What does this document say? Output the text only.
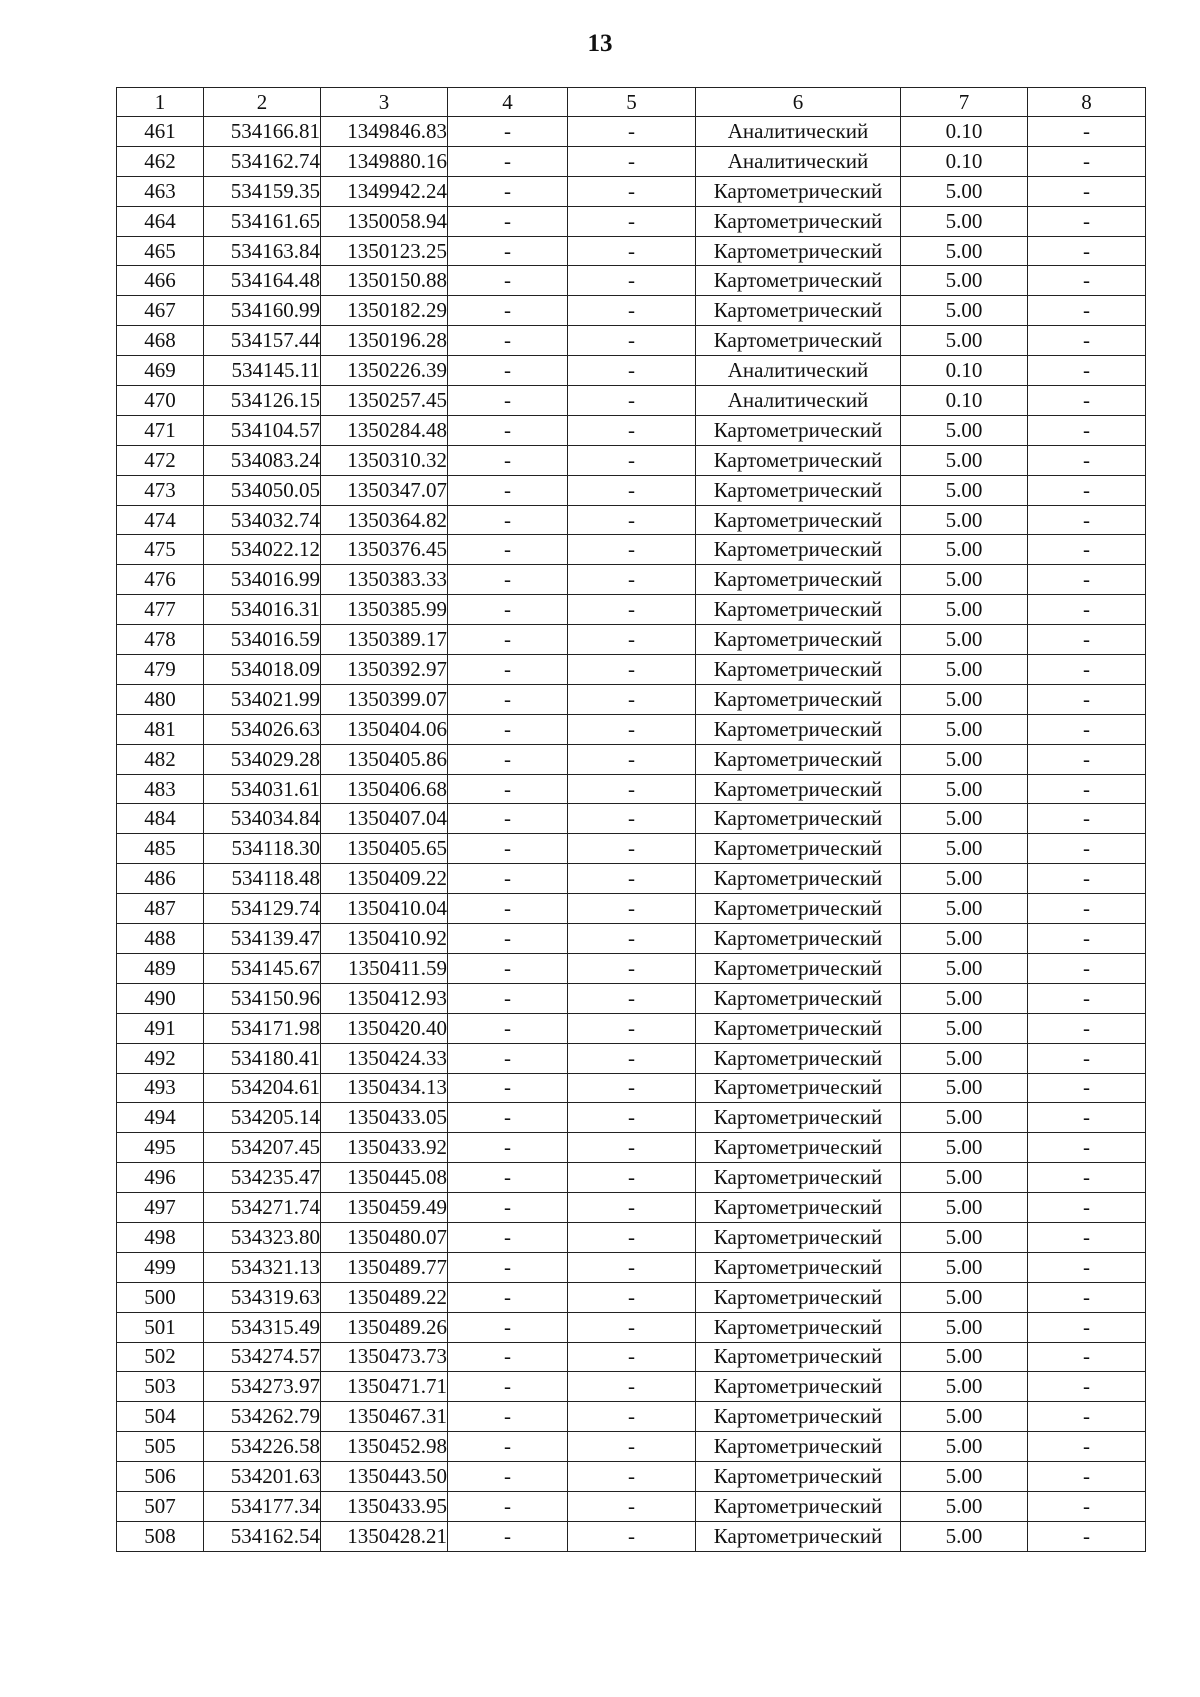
13
1	2	3	4	5	6	7	8
461	534166.81	1349846.83	-	-	Аналитический	0.10	-
462	534162.74	1349880.16	-	-	Аналитический	0.10	-
463	534159.35	1349942.24	-	-	Картометрический	5.00	-
464	534161.65	1350058.94	-	-	Картометрический	5.00	-
465	534163.84	1350123.25	-	-	Картометрический	5.00	-
466	534164.48	1350150.88	-	-	Картометрический	5.00	-
467	534160.99	1350182.29	-	-	Картометрический	5.00	-
468	534157.44	1350196.28	-	-	Картометрический	5.00	-
469	534145.11	1350226.39	-	-	Аналитический	0.10	-
470	534126.15	1350257.45	-	-	Аналитический	0.10	-
471	534104.57	1350284.48	-	-	Картометрический	5.00	-
472	534083.24	1350310.32	-	-	Картометрический	5.00	-
473	534050.05	1350347.07	-	-	Картометрический	5.00	-
474	534032.74	1350364.82	-	-	Картометрический	5.00	-
475	534022.12	1350376.45	-	-	Картометрический	5.00	-
476	534016.99	1350383.33	-	-	Картометрический	5.00	-
477	534016.31	1350385.99	-	-	Картометрический	5.00	-
478	534016.59	1350389.17	-	-	Картометрический	5.00	-
479	534018.09	1350392.97	-	-	Картометрический	5.00	-
480	534021.99	1350399.07	-	-	Картометрический	5.00	-
481	534026.63	1350404.06	-	-	Картометрический	5.00	-
482	534029.28	1350405.86	-	-	Картометрический	5.00	-
483	534031.61	1350406.68	-	-	Картометрический	5.00	-
484	534034.84	1350407.04	-	-	Картометрический	5.00	-
485	534118.30	1350405.65	-	-	Картометрический	5.00	-
486	534118.48	1350409.22	-	-	Картометрический	5.00	-
487	534129.74	1350410.04	-	-	Картометрический	5.00	-
488	534139.47	1350410.92	-	-	Картометрический	5.00	-
489	534145.67	1350411.59	-	-	Картометрический	5.00	-
490	534150.96	1350412.93	-	-	Картометрический	5.00	-
491	534171.98	1350420.40	-	-	Картометрический	5.00	-
492	534180.41	1350424.33	-	-	Картометрический	5.00	-
493	534204.61	1350434.13	-	-	Картометрический	5.00	-
494	534205.14	1350433.05	-	-	Картометрический	5.00	-
495	534207.45	1350433.92	-	-	Картометрический	5.00	-
496	534235.47	1350445.08	-	-	Картометрический	5.00	-
497	534271.74	1350459.49	-	-	Картометрический	5.00	-
498	534323.80	1350480.07	-	-	Картометрический	5.00	-
499	534321.13	1350489.77	-	-	Картометрический	5.00	-
500	534319.63	1350489.22	-	-	Картометрический	5.00	-
501	534315.49	1350489.26	-	-	Картометрический	5.00	-
502	534274.57	1350473.73	-	-	Картометрический	5.00	-
503	534273.97	1350471.71	-	-	Картометрический	5.00	-
504	534262.79	1350467.31	-	-	Картометрический	5.00	-
505	534226.58	1350452.98	-	-	Картометрический	5.00	-
506	534201.63	1350443.50	-	-	Картометрический	5.00	-
507	534177.34	1350433.95	-	-	Картометрический	5.00	-
508	534162.54	1350428.21	-	-	Картометрический	5.00	-
